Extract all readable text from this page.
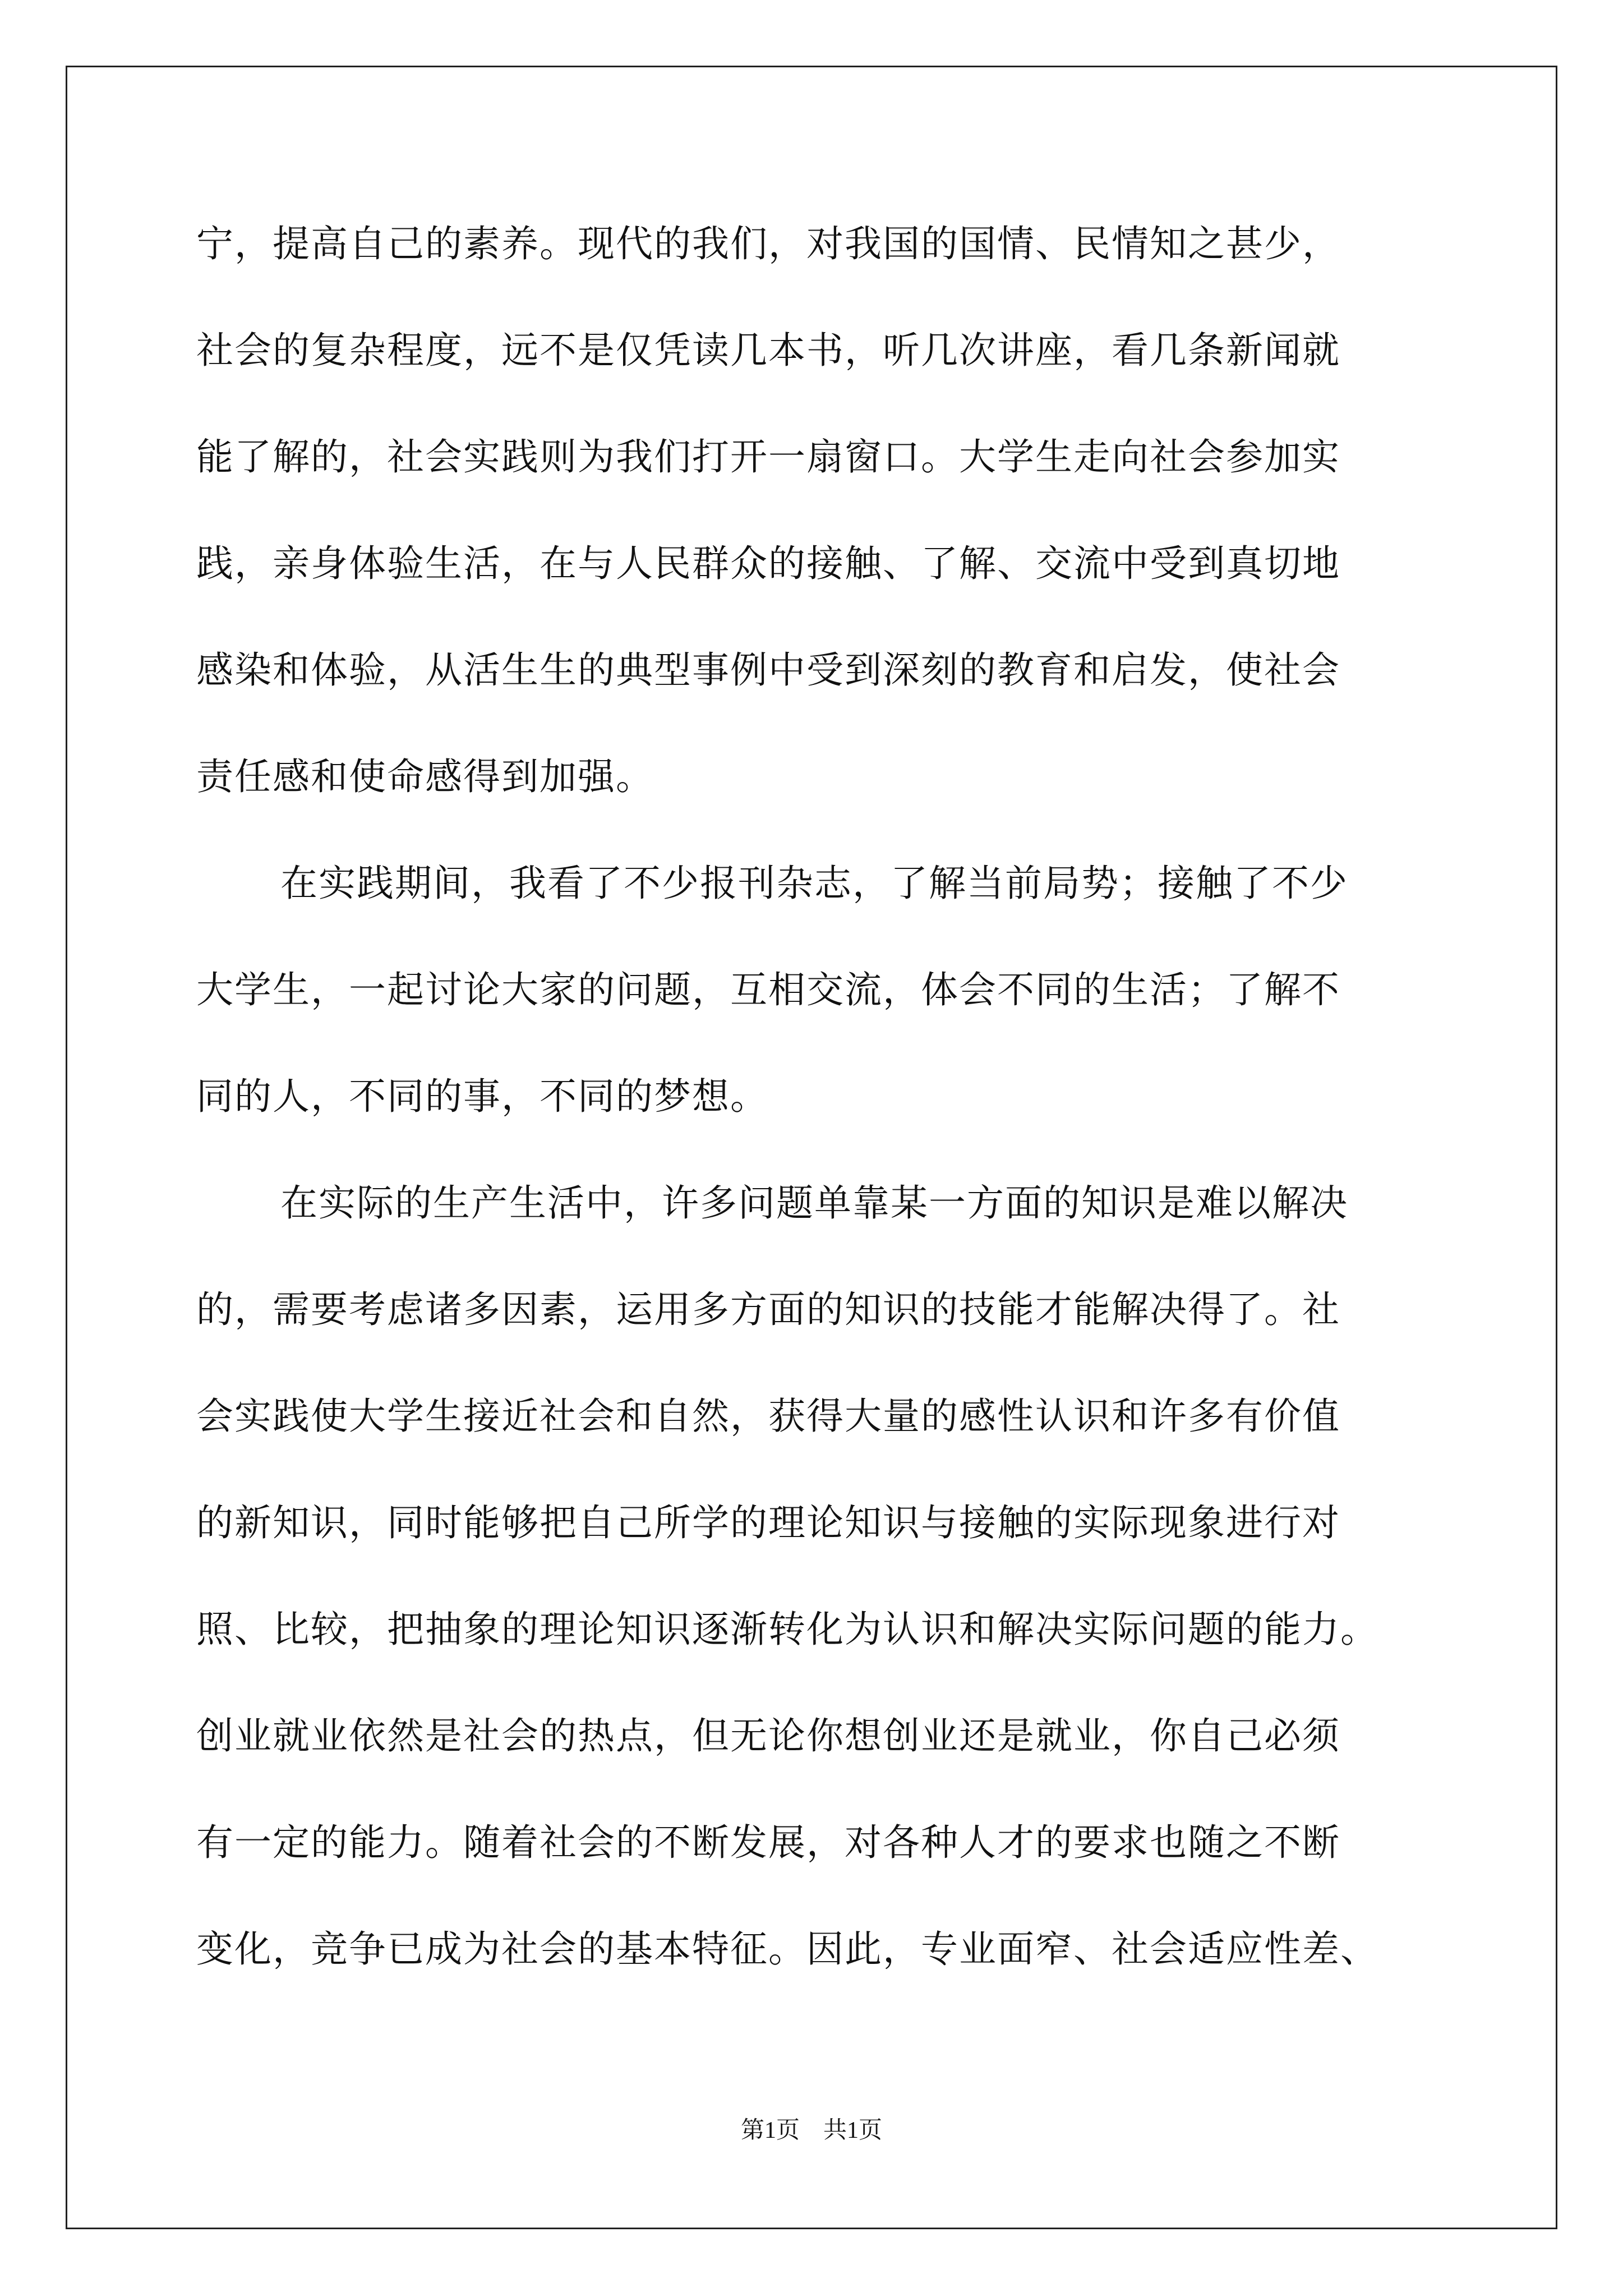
宁，提高自己的素养。现代的我们，对我国的国情、民情知之甚少，
社会的复杂程度，远不是仅凭读几本书，听几次讲座，看几条新闻就
能了解的，社会实践则为我们打开一扇窗口。大学生走向社会参加实
践，亲身体验生活，在与人民群众的接触、了解、交流中受到真切地
感染和体验，从活生生的典型事例中受到深刻的教育和启发，使社会
责任感和使命感得到加强。
在实践期间，我看了不少报刊杂志，了解当前局势；接触了不少
大学生，一起讨论大家的问题，互相交流，体会不同的生活；了解不
同的人，不同的事，不同的梦想。
在实际的生产生活中，许多问题单靠某一方面的知识是难以解决
的，需要考虑诸多因素，运用多方面的知识的技能才能解决得了。社
会实践使大学生接近社会和自然，获得大量的感性认识和许多有价值
的新知识，同时能够把自己所学的理论知识与接触的实际现象进行对
照、比较，把抽象的理论知识逐渐转化为认识和解决实际问题的能力。
创业就业依然是社会的热点，但无论你想创业还是就业，你自己必须
有一定的能力。随着社会的不断发展，对各种人才的要求也随之不断
变化，竞争已成为社会的基本特征。因此，专业面窄、社会适应性差、
第1页　共1页
